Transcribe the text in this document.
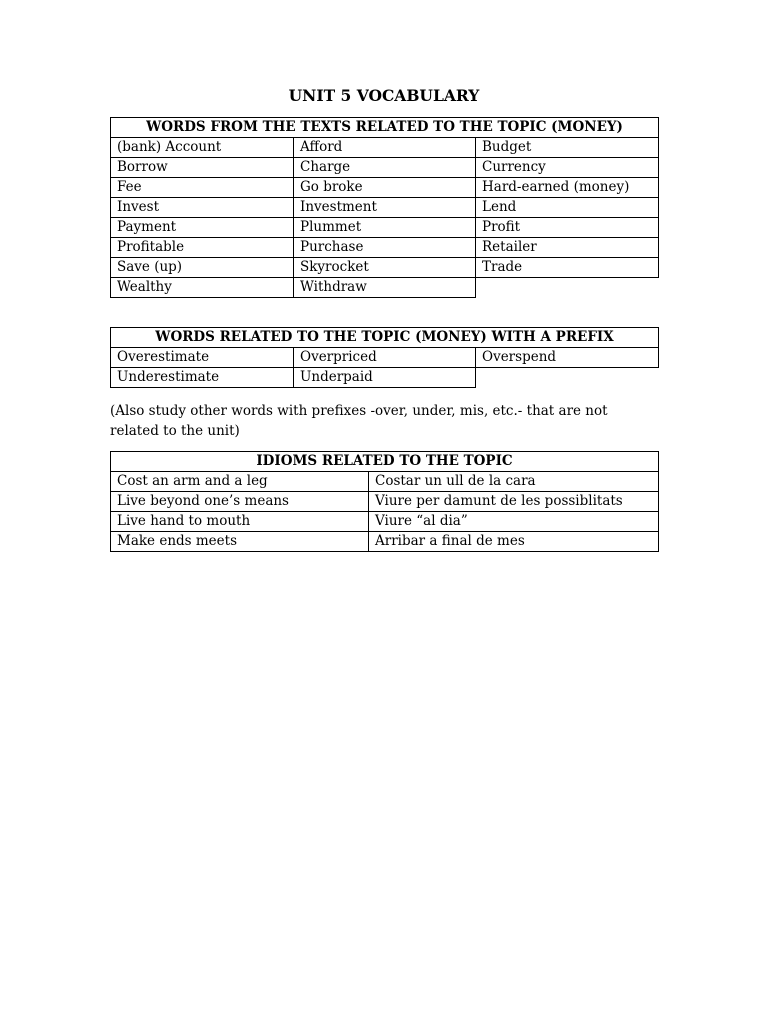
UNIT 5 VOCABULARY
WORDS FROM THE TEXTS RELATED TO THE TOPIC (MONEY)		
(bank) Account	Afford	Budget
Borrow	Charge	Currency
Fee	Go broke	Hard-earned (money)
Invest	Investment	Lend
Payment	Plummet	Profit
Profitable	Purchase	Retailer
Save (up)	Skyrocket	Trade
Wealthy	Withdraw	
WORDS RELATED TO THE TOPIC (MONEY) WITH A PREFIX		
Overestimate	Overpriced	Overspend
Underestimate	Underpaid	
(Also study other words with prefixes -over, under, mis, etc.- that are not related to the unit)
IDIOMS RELATED TO THE TOPIC	
Cost an arm and a leg	Costar un ull de la cara
Live beyond one’s means	Viure per damunt de les possiblitats
Live hand to mouth	Viure “al dia”
Make ends meets	Arribar a final de mes
